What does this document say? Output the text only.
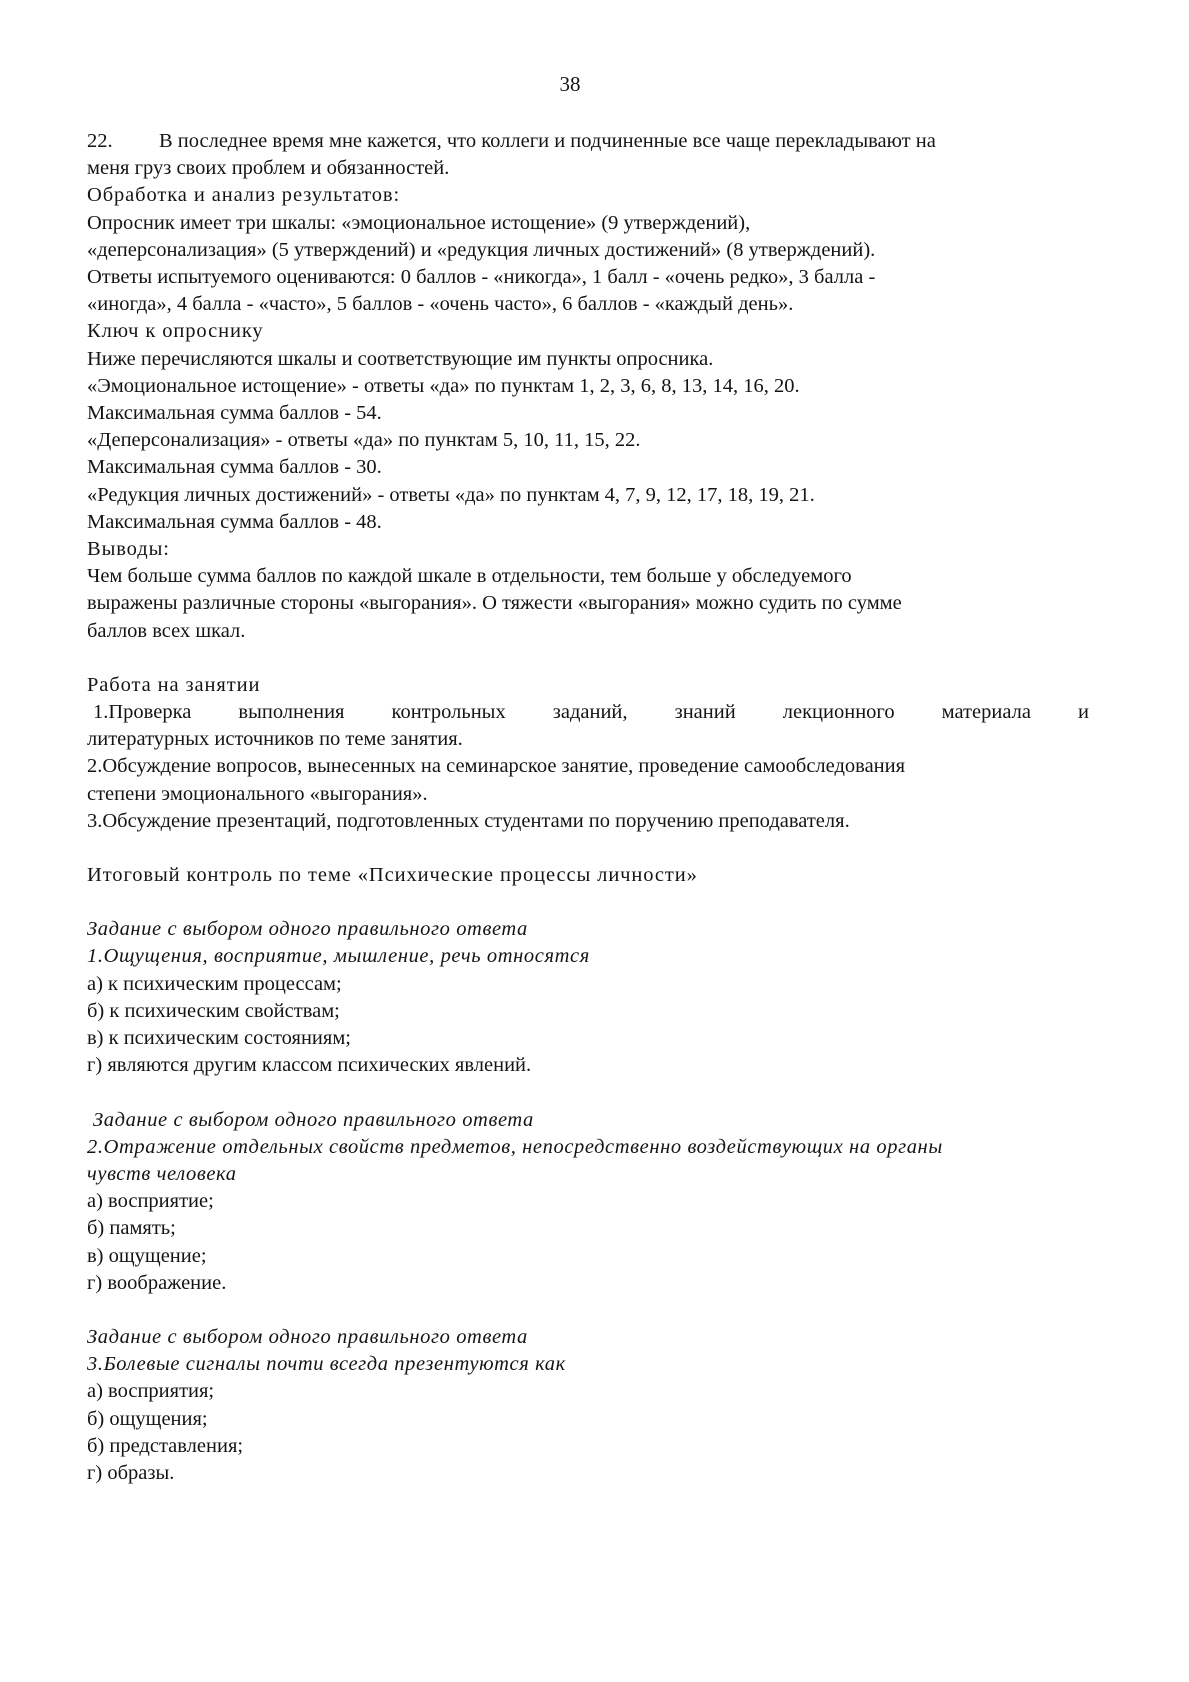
38

22. В последнее время мне кажется, что коллеги и подчиненные все чаще перекладывают на

меня груз своих проблем и обязанностей.

Обработка и анализ результатов:

Опросник имеет три шкалы: «эмоциональное истощение» (9 утверждений),

«деперсонализация» (5 утверждений) и «редукция личных достижений» (8 утверждений).

Ответы испытуемого оцениваются: 0 баллов - «никогда», 1 балл - «очень редко», 3 балла -

«иногда», 4 балла - «часто», 5 баллов - «очень часто», 6 баллов - «каждый день».

Ключ к опроснику

Ниже перечисляются шкалы и соответствующие им пункты опросника.

«Эмоциональное истощение» - ответы «да» по пунктам 1, 2, 3, 6, 8, 13, 14, 16, 20.

Максимальная сумма баллов - 54.

«Деперсонализация» - ответы «да» по пунктам 5, 10, 11, 15, 22.

Максимальная сумма баллов - 30.

«Редукция личных достижений» - ответы «да» по пунктам 4, 7, 9, 12, 17, 18, 19, 21.

Максимальная сумма баллов - 48.

Выводы:

Чем больше сумма баллов по каждой шкале в отдельности, тем больше у обследуемого

выражены различные стороны «выгорания». О тяжести «выгорания» можно судить по сумме

баллов всех шкал.

Работа на занятии

1.Проверка выполнения контрольных заданий, знаний лекционного материала и

литературных источников по теме занятия.

2.Обсуждение вопросов, вынесенных на семинарское занятие, проведение самообследования

степени эмоционального «выгорания».

3.Обсуждение презентаций, подготовленных студентами по поручению преподавателя.

Итоговый контроль по теме «Психические процессы личности»

Задание с выбором одного правильного ответа

1.Ощущения, восприятие, мышление, речь относятся

а) к психическим процессам;

б) к психическим свойствам;

в) к психическим состояниям;

г) являются другим классом психических явлений.

Задание с выбором одного правильного ответа

2.Отражение отдельных свойств предметов, непосредственно воздействующих на органы

чувств человека

а) восприятие;

б) память;

в) ощущение;

г) воображение.

Задание с выбором одного правильного ответа

3.Болевые сигналы почти всегда презентуются как

а) восприятия;

б) ощущения;

б) представления;

г) образы.
